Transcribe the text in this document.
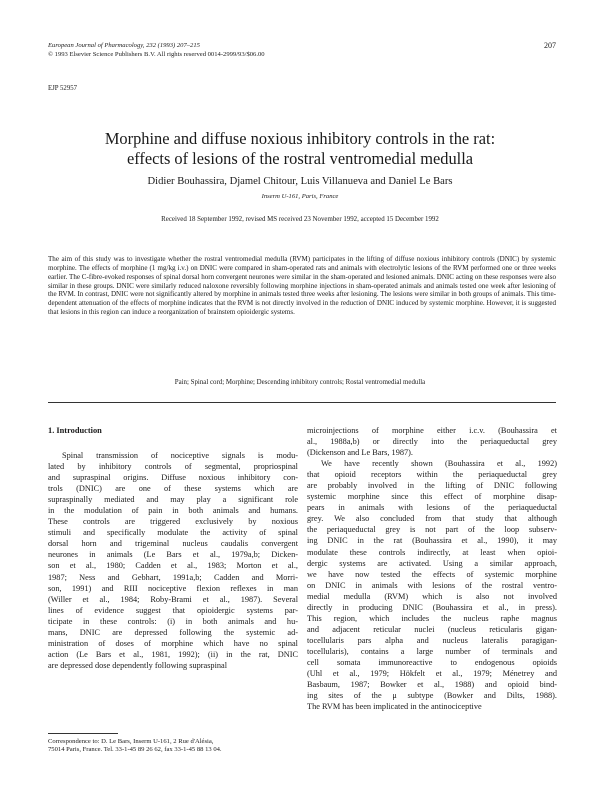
European Journal of Pharmacology, 232 (1993) 207–215
© 1993 Elsevier Science Publishers B.V. All rights reserved 0014-2999/93/$06.00
207
EJP 52957
Morphine and diffuse noxious inhibitory controls in the rat:
effects of lesions of the rostral ventromedial medulla
Didier Bouhassira, Djamel Chitour, Luis Villanueva and Daniel Le Bars
Inserm U-161, Paris, France
Received 18 September 1992, revised MS received 23 November 1992, accepted 15 December 1992

The aim of this study was to investigate whether the rostral ventromedial medulla (RVM) participates in the lifting of diffuse noxious inhibitory controls (DNIC) by systemic morphine. The effects of morphine (1 mg/kg i.v.) on DNIC were compared in sham-operated rats and animals with electrolytic lesions of the RVM performed one or three weeks earlier. The C-fibre-evoked responses of spinal dorsal horn convergent neurones were similar in the sham-operated and lesioned animals. DNIC acting on these responses were also similar in these groups. DNIC were similarly reduced naloxone reversibly following morphine injections in sham-operated animals and animals tested one week after lesioning of the RVM. In contrast, DNIC were not significantly altered by morphine in animals tested three weeks after lesioning. The lesions were similar in both groups of animals. This time-dependent attenuation of the effects of morphine indicates that the RVM is not directly involved in the reduction of DNIC induced by systemic morphine. However, it is suggested that lesions in this region can induce a reorganization of brainstem opioidergic systems.

Pain; Spinal cord; Morphine; Descending inhibitory controls; Rostal ventromedial medulla
1. Introduction
Spinal transmission of nociceptive signals is modu-
lated by inhibitory controls of segmental, propriospinal
and supraspinal origins. Diffuse noxious inhibitory con-
trols (DNIC) are one of these systems which are
supraspinally mediated and may play a significant role
in the modulation of pain in both animals and humans.
These controls are triggered exclusively by noxious
stimuli and specifically modulate the activity of spinal
dorsal horn and trigeminal nucleus caudalis convergent
neurones in animals (Le Bars et al., 1979a,b; Dicken-
son et al., 1980; Cadden et al., 1983; Morton et al.,
1987; Ness and Gebhart, 1991a,b; Cadden and Morri-
son, 1991) and RIII nociceptive flexion reflexes in man
(Willer et al., 1984; Roby-Brami et al., 1987). Several
lines of evidence suggest that opioidergic systems par-
ticipate in these controls: (i) in both animals and hu-
mans, DNIC are depressed following the systemic ad-
ministration of doses of morphine which have no spinal
action (Le Bars et al., 1981, 1992); (ii) in the rat, DNIC
are depressed dose dependently following supraspinal
microinjections of morphine either i.c.v. (Bouhassira et
al., 1988a,b) or directly into the periaqueductal grey
(Dickenson and Le Bars, 1987).
We have recently shown (Bouhassira et al., 1992)
that opioid receptors within the periaqueductal grey
are probably involved in the lifting of DNIC following
systemic morphine since this effect of morphine disap-
pears in animals with lesions of the periaqueductal
grey. We also concluded from that study that although
the periaqueductal grey is not part of the loop subserv-
ing DNIC in the rat (Bouhassira et al., 1990), it may
modulate these controls indirectly, at least when opioi-
dergic systems are activated. Using a similar approach,
we have now tested the effects of systemic morphine
on DNIC in animals with lesions of the rostral ventro-
medial medulla (RVM) which is also not involved
directly in producing DNIC (Bouhassira et al., in press).
This region, which includes the nucleus raphe magnus
and adjacent reticular nuclei (nucleus reticularis gigan-
tocellularis pars alpha and nucleus lateralis paragigan-
tocellularis), contains a large number of terminals and
cell somata immunoreactive to endogenous opioids
(Uhl et al., 1979; Hökfelt et al., 1979; Ménetrey and
Basbaum, 1987; Bowker et al., 1988) and opioid bind-
ing sites of the μ subtype (Bowker and Dilts, 1988).
The RVM has been implicated in the antinociceptive
Correspondence to: D. Le Bars, Inserm U-161, 2 Rue d'Alésia,
75014 Paris, France. Tel. 33-1-45 89 26 62, fax 33-1-45 88 13 04.
